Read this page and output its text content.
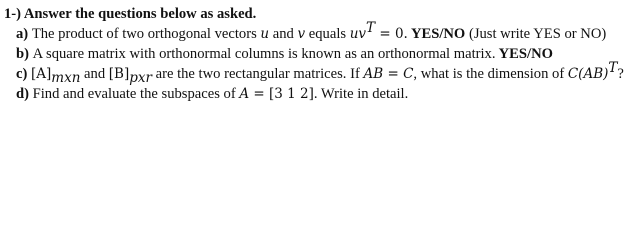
1-) Answer the questions below as asked.
a) The product of two orthogonal vectors u and v equals $uv^T = 0$. YES/NO (Just write YES or NO)
b) A square matrix with orthonormal columns is known as an orthonormal matrix. YES/NO
c) $[A]_{mxn}$ and $[B]_{pxr}$ are the two rectangular matrices. If AB = C, what is the dimension of C(AB)$^T$?
d) Find and evaluate the subspaces of A = [3 1 2]. Write in detail.
